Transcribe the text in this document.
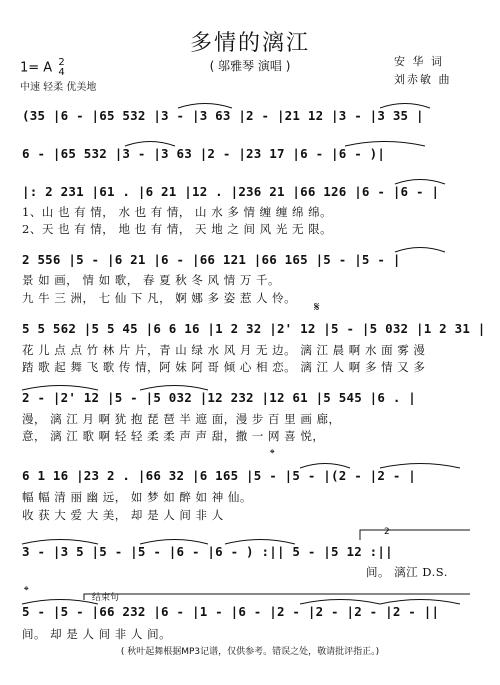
多情的漓江
( 邬雅琴 演唱 )
1= A 2
4
中速 轻柔 优美地
安 华 词
刘赤敏 曲
(35 |6 - |65 532 |3 - |3 63 |2 - |21 12 |3 - |3 35 |
6 - |65 532 |3 - |3 63 |2 - |23 17 |6 - |6 - )|
|: 2 231 |61 . |6 21 |12 . |236 21 |66 126 |6 - |6 - |
1、山 也 有 情， 水 也 有 情， 山 水 多 情 缠 缠 绵 绵。
2、天 也 有 情， 地 也 有 情， 天 地 之 间 风 光 无 限。
2 556 |5 - |6 21 |6 - |66 121 |66 165 |5 - |5 - |
景 如 画， 情 如 歌， 春 夏 秋 冬 风 情 万 千。
九 牛 三 洲， 七 仙 下 凡， 婀 娜 多 姿 惹 人 怜。
𝄋
5 5 562 |5 5 45 |6 6 16 |1 2 32 |2' 12 |5 - |5 032 |1 2 31 |
花 儿 点 点 竹 林 片 片，青 山 绿 水 风 月 无 边。 漓 江 晨 啊 水 面 雾 漫
踏 歌 起 舞 飞 歌 传 情，阿 妹 阿 哥 倾 心 相 恋。 漓 江 人 啊 多 情 又 多
2 - |2' 12 |5 - |5 032 |12 232 |12 61 |5 545 |6 . |
漫， 漓 江 月 啊 犹 抱 琵 琶 半 遮 面，漫 步 百 里 画 廊，
意， 漓 江 歌 啊 轻 轻 柔 柔 声 声 甜，撒 一 网 喜 悦，
𝄌
6 1 16 |23 2 . |66 32 |6 165 |5 - |5 - |(2 - |2 - |
幅 幅 清 丽 幽 远， 如 梦 如 醉 如 神 仙。
收 获 大 爱 大 美， 却 是 人 间 非 人
2
3 - |3 5 |5 - |5 - |6 - |6 - ) :|| 5 - |5 12 :||
间。 漓江 D.S.
结束句
𝄌
5 - |5 - |66 232 |6 - |1 - |6 - |2 - |2 - |2 - |2 - ||
间。 却 是 人 间 非 人 间。
( 秋叶起舞根据MP3记谱，仅供参考。错误之处，敬请批评指正。)
